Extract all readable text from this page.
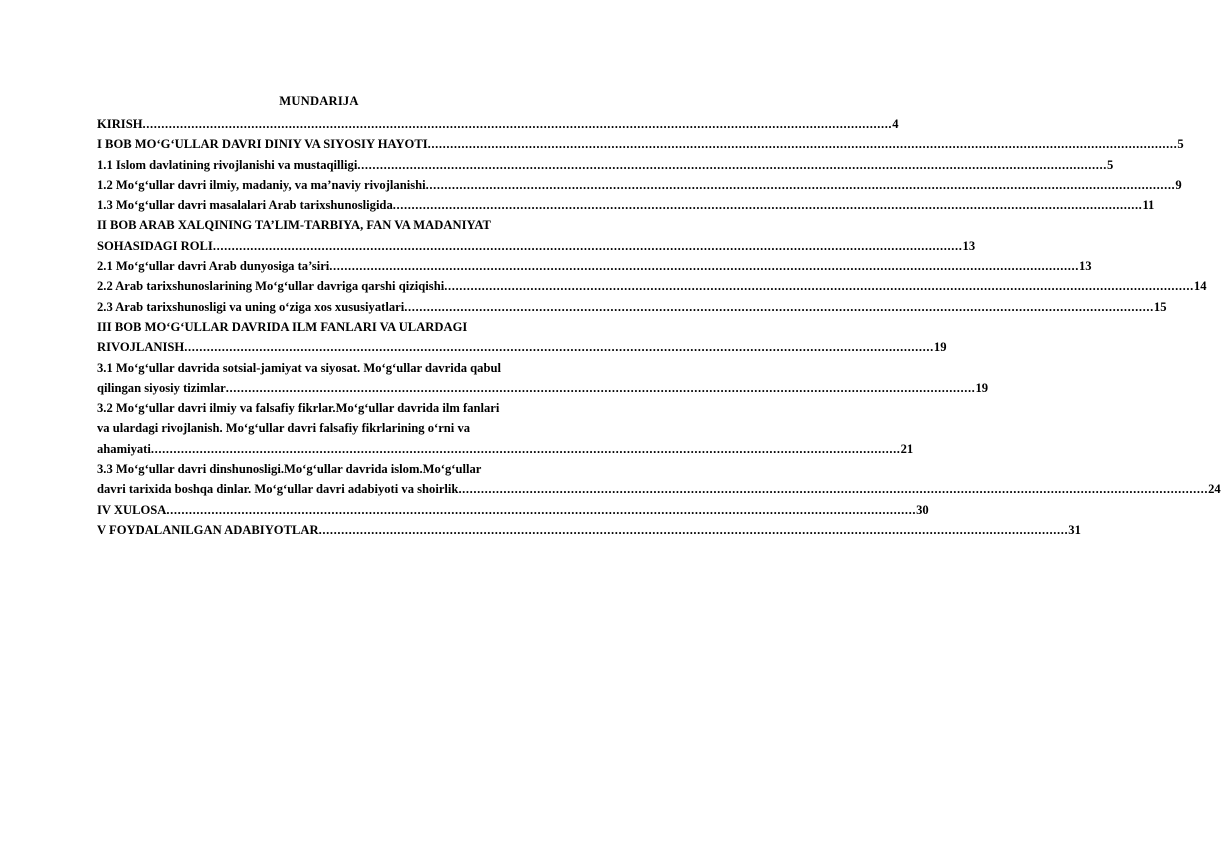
MUNDARIJA
KIRISH ........................................................................................................................................................................................................ 4
I BOB MO‘G‘ULLAR DAVRI DINIY VA SIYOSIY HAYOTI ........................................................................................................................................................................................................ 5
1.1 Islom davlatining rivojlanishi va mustaqilligi ........................................................................................................................................................................................................ 5
1.2 Mo‘g‘ullar davri ilmiy, madaniy, va ma’naviy rivojlanishi ........................................................................................................................................................................................................ 9
1.3 Mo‘g‘ullar davri masalalari Arab tarixshunosligida ........................................................................................................................................................................................................ 11
II BOB ARAB XALQINING TA’LIM-TARBIYA, FAN VA MADANIYAT
SOHASIDAGI ROLI ........................................................................................................................................................................................................ 13
2.1 Mo‘g‘ullar davri Arab dunyosiga ta’siri ........................................................................................................................................................................................................ 13
2.2 Arab tarixshunoslarining Mo‘g‘ullar davriga qarshi qiziqishi ........................................................................................................................................................................................................ 14
2.3 Arab tarixshunosligi va uning o‘ziga xos xususiyatlari ........................................................................................................................................................................................................ 15
III BOB MO‘G‘ULLAR DAVRIDA ILM FANLARI VA ULARDAGI
RIVOJLANISH ........................................................................................................................................................................................................ 19
3.1 Mo‘g‘ullar davrida sotsial-jamiyat va siyosat. Mo‘g‘ullar davrida qabul
qilingan siyosiy tizimlar ........................................................................................................................................................................................................ 19
3.2 Mo‘g‘ullar davri ilmiy va falsafiy fikrlar.Mo‘g‘ullar davrida ilm fanlari
va ulardagi rivojlanish. Mo‘g‘ullar davri falsafiy fikrlarining o‘rni va
ahamiyati ........................................................................................................................................................................................................ 21
3.3 Mo‘g‘ullar davri dinshunosligi.Mo‘g‘ullar davrida islom.Mo‘g‘ullar
davri tarixida boshqa dinlar. Mo‘g‘ullar davri adabiyoti va shoirlik ........................................................................................................................................................................................................ 24
IV XULOSA ........................................................................................................................................................................................................ 30
V FOYDALANILGAN ADABIYOTLAR ........................................................................................................................................................................................................ 31
